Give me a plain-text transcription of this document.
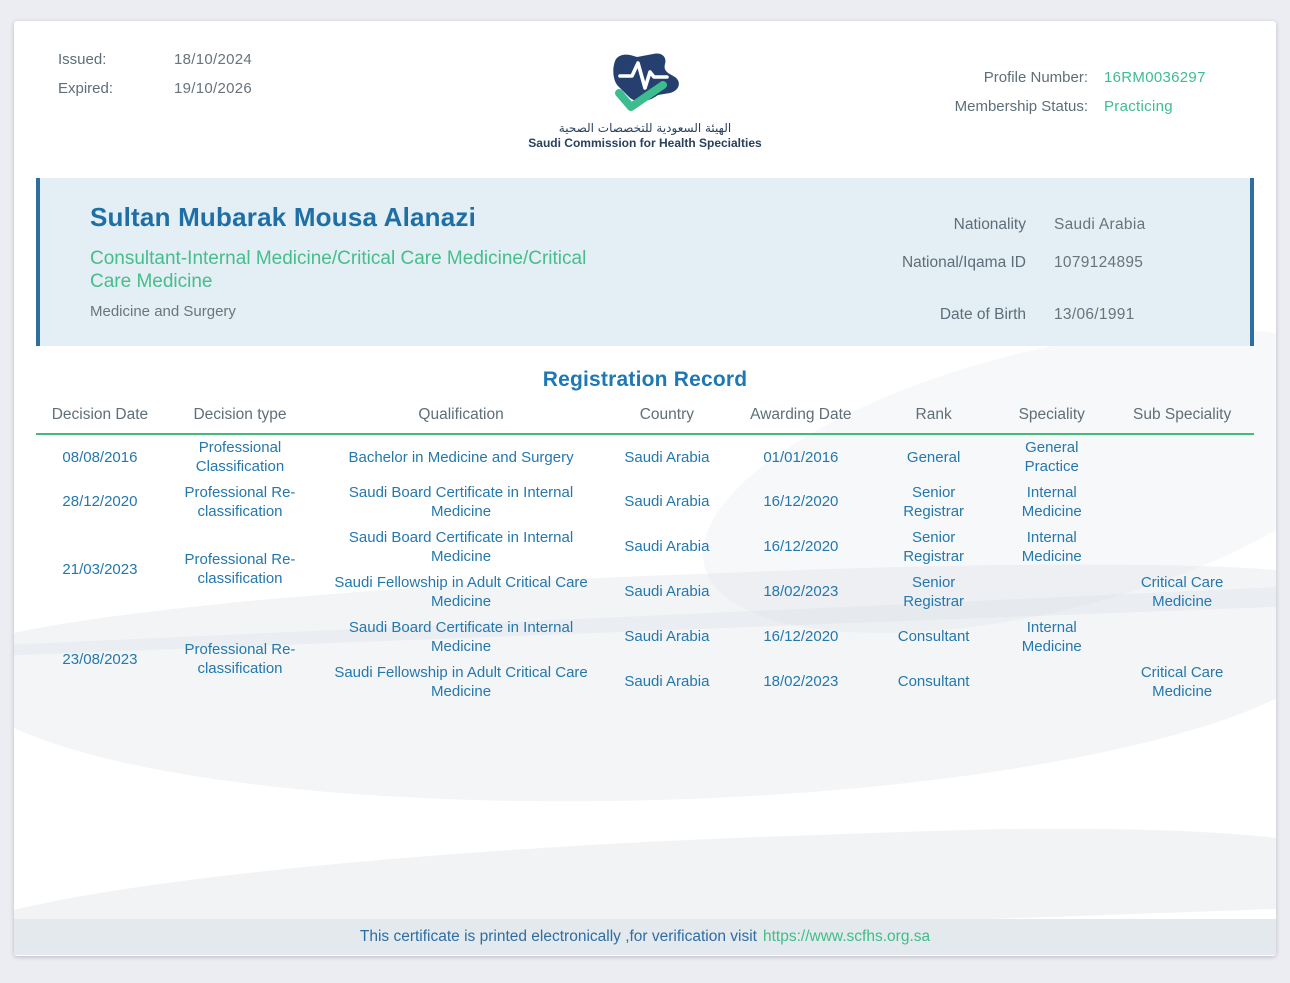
Issued:	18/10/2024
Expired:	19/10/2026
الهيئة السعودية للتخصصات الصحية
Saudi Commission for Health Specialties
Profile Number: 16RM0036297
Membership Status: Practicing
Sultan Mubarak Mousa Alanazi
Consultant-Internal Medicine/Critical Care Medicine/Critical Care Medicine
Medicine and Surgery
Nationality Saudi Arabia
National/Iqama ID 1079124895
Date of Birth 13/06/1991
Registration Record
Decision Date	Decision type	Qualification	Country	Awarding Date	Rank	Speciality	Sub Speciality
08/08/2016	Professional Classification	Bachelor in Medicine and Surgery	Saudi Arabia	01/01/2016	General	General Practice	
28/12/2020	Professional Re-classification	Saudi Board Certificate in Internal Medicine	Saudi Arabia	16/12/2020	Senior Registrar	Internal Medicine	
21/03/2023	Professional Re-classification	Saudi Board Certificate in Internal Medicine	Saudi Arabia	16/12/2020	Senior Registrar	Internal Medicine	
		Saudi Fellowship in Adult Critical Care Medicine	Saudi Arabia	18/02/2023	Senior Registrar		Critical Care Medicine
23/08/2023	Professional Re-classification	Saudi Board Certificate in Internal Medicine	Saudi Arabia	16/12/2020	Consultant	Internal Medicine	
		Saudi Fellowship in Adult Critical Care Medicine	Saudi Arabia	18/02/2023	Consultant		Critical Care Medicine
This certificate is printed electronically ,for verification visit https://www.scfhs.org.sa
